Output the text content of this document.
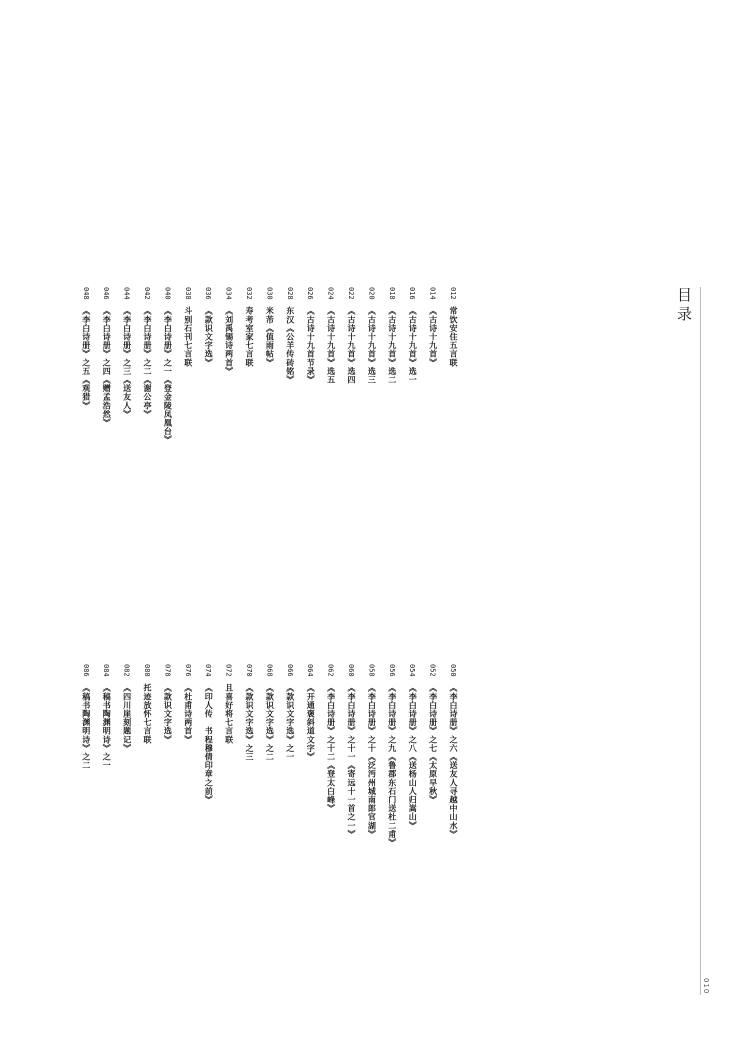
目录
010
012常饮安住五言联
014《古诗十九首》
016《古诗十九首》选一
018《古诗十九首》选二
020《古诗十九首》选三
022《古诗十九首》选四
024《古诗十九首》选五
026《古诗十九首节录》
028东汉《公羊传砖铭》
030米芾《值雨帖》
032寿考室家七言联
034《刘禹锡诗两首》
036《款识文字选》
038斗别石刊七言联
040《李白诗册》之一《登金陵凤凰台》
042《李白诗册》之二《谢公亭》
044《李白诗册》之三《送友人》
046《李白诗册》之四《赠孟浩然》
048《李白诗册》之五《观猎》
050《李白诗册》之六《送友人寻越中山水》
052《李白诗册》之七《太原早秋》
054《李白诗册》之八《送杨山人归嵩山》
056《李白诗册》之九《鲁郡东石门送杜二甫》
058《李白诗册》之十《泛沔州城南郎官湖》
060《李白诗册》之十一《寄远十一首之一》
062《李白诗册》之十二《登太白峰》
064《开通褒斜道文字》
066《款识文字选》之一
068《款识文字选》之二
070《款识文字选》之三
072且喜好将七言联
074《印人传　书程穆倩印章之前》
076《杜甫诗两首》
078《款识文字选》
080托迹放怀七言联
082《四川崖刻题记》
084《稿书陶渊明诗》之一
086《稿书陶渊明诗》之二
